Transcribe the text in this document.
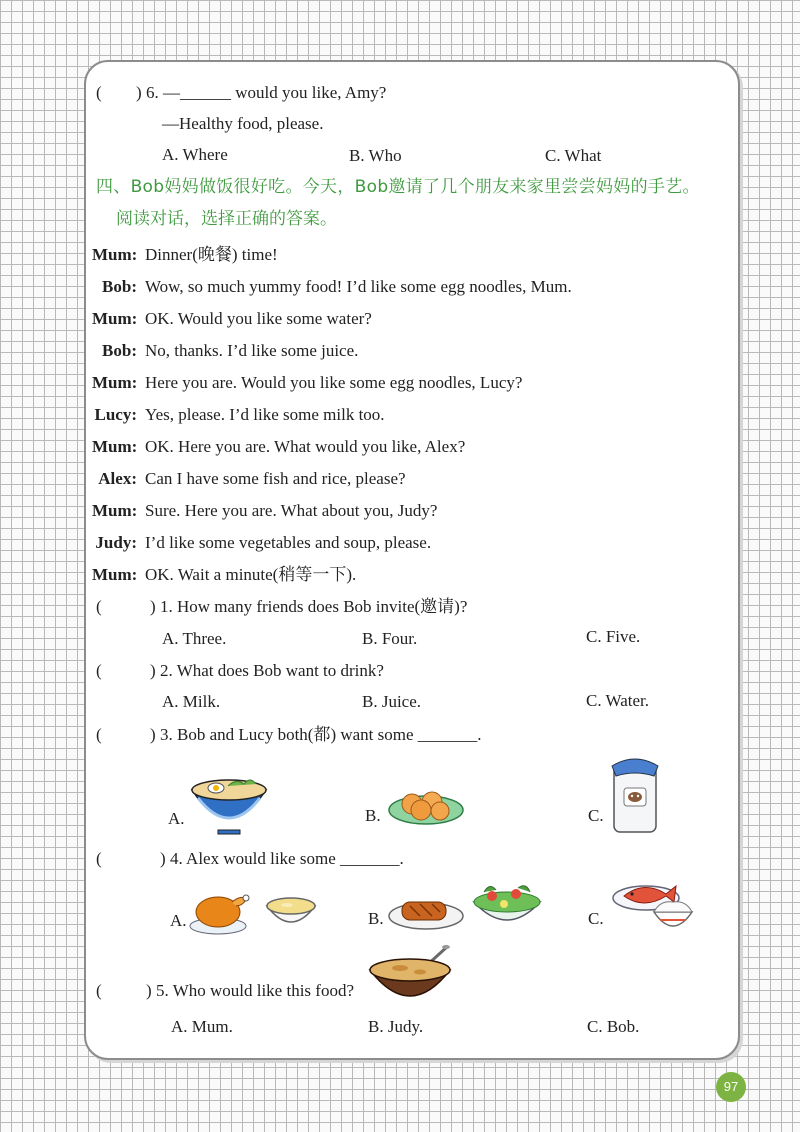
( ) 6. —______ would you like, Amy?
—Healthy food, please.
A. Where	B. Who	C. What
四、Bob妈妈做饭很好吃。今天，Bob邀请了几个朋友来家里尝尝妈妈的手艺。
阅读对话，选择正确的答案。
Mum: Dinner(晚餐) time!
Bob: Wow, so much yummy food! I’d like some egg noodles, Mum.
Mum: OK. Would you like some water?
Bob: No, thanks. I’d like some juice.
Mum: Here you are. Would you like some egg noodles, Lucy?
Lucy: Yes, please. I’d like some milk too.
Mum: OK. Here you are. What would you like, Alex?
Alex: Can I have some fish and rice, please?
Mum: Sure. Here you are. What about you, Judy?
Judy: I’d like some vegetables and soup, please.
Mum: OK. Wait a minute(稍等一下).
(	) 1. How many friends does Bob invite(邀请)?
A. Three.	B. Four.	C. Five.
(	) 2. What does Bob want to drink?
A. Milk.	B. Juice.	C. Water.
(	) 3. Bob and Lucy both(都) want some _______.
A.	B.	C.
(	) 4. Alex would like some _______.
A.	B.	C.
(	) 5. Who would like this food?
A. Mum.	B. Judy.	C. Bob.
97
